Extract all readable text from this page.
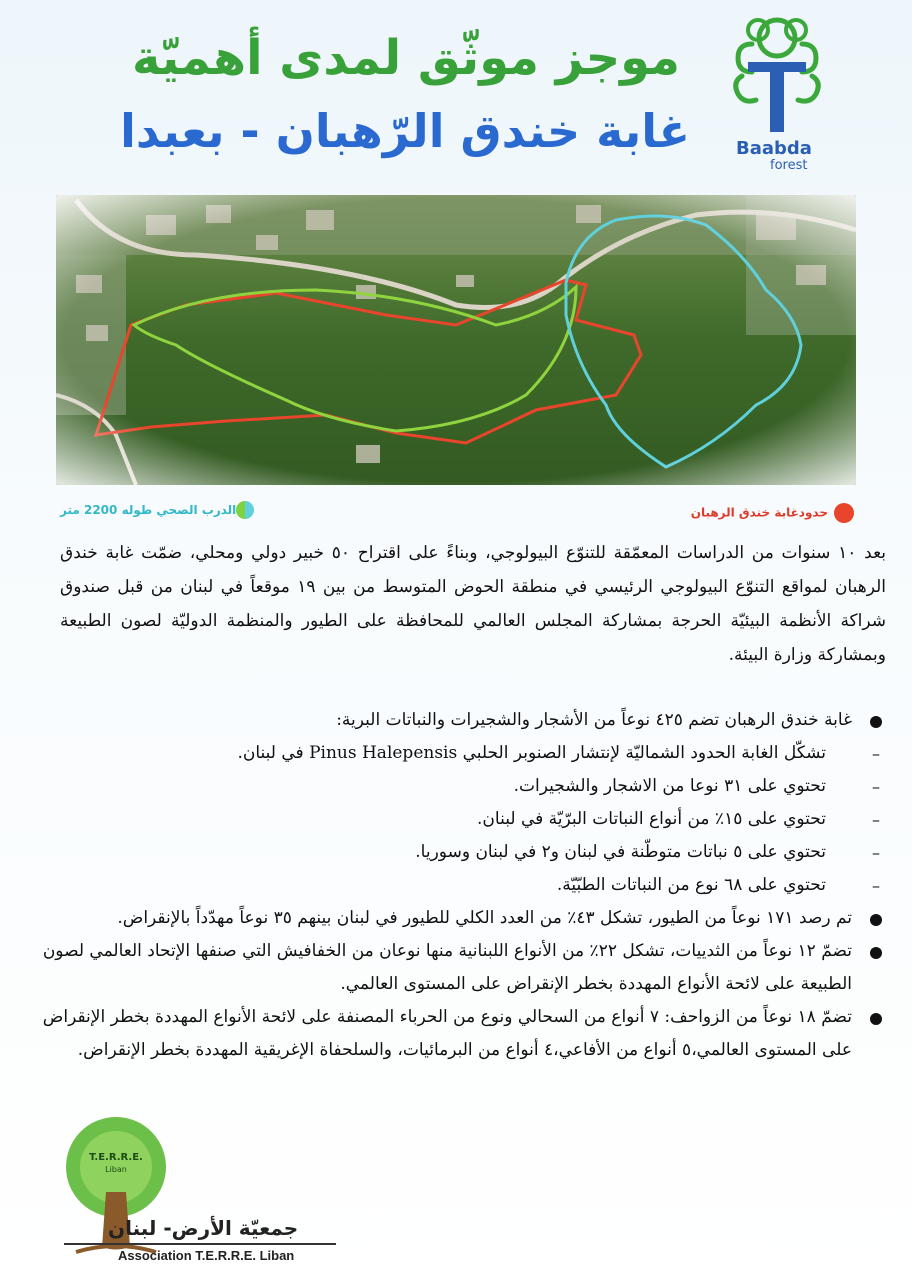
Baabda
forest
موجز موثّق لمدى أهميّة
غابة خندق الرّهبان - بعبدا
الدرب الصحي طوله 2200 متر	حدودغابة خندق الرهبان
بعد ١٠ سنوات من الدراسات المعمّقة للتنوّع البيولوجي، وبناءً على اقتراح ٥٠ خبير دولي ومحلي، ضمّت غابة خندق الرهبان لمواقع التنوّع البيولوجي الرئيسي في منطقة الحوض المتوسط من بين ١٩ موقعاً في لبنان من قبل صندوق شراكة الأنظمة البيئيّة الحرجة بمشاركة المجلس العالمي للمحافظة على الطيور والمنظمة الدوليّة لصون الطبيعة وبمشاركة وزارة البيئة.
غابة خندق الرهبان تضم ٤٢٥ نوعاً من الأشجار والشجيرات والنباتات البرية:
– تشكّل الغابة الحدود الشماليّة لإنتشار الصنوبر الحلبي Pinus Halepensis في لبنان.
– تحتوي على ٣١ نوعا من الاشجار والشجيرات.
– تحتوي على ١٥٪ من أنواع النباتات البرّيّة في لبنان.
– تحتوي على ٥ نباتات متوطّنة في لبنان و٢ في لبنان وسوريا.
– تحتوي على ٦٨ نوع من النباتات الطبّيّة.
تم رصد ١٧١ نوعاً من الطيور، تشكل ٤٣٪ من العدد الكلي للطيور في لبنان بينهم ٣٥ نوعاً مهدّداً بالإنقراض.
تضمّ ١٢ نوعاً من الثدييات، تشكل ٢٢٪ من الأنواع اللبنانية منها نوعان من الخفافيش التي صنفها الإتحاد العالمي لصون الطبيعة على لائحة الأنواع المهددة بخطر الإنقراض على المستوى العالمي.
تضمّ ١٨ نوعاً من الزواحف: ٧ أنواع من السحالي ونوع من الحرباء المصنفة على لائحة الأنواع المهددة بخطر الإنقراض على المستوى العالمي،٥ أنواع من الأفاعي،٤ أنواع من البرمائيات، والسلحفاة الإغريقية المهددة بخطر الإنقراض.
T.E.R.R.E.
Liban
جمعيّة الأرض- لبنان
Association T.E.R.R.E. Liban
